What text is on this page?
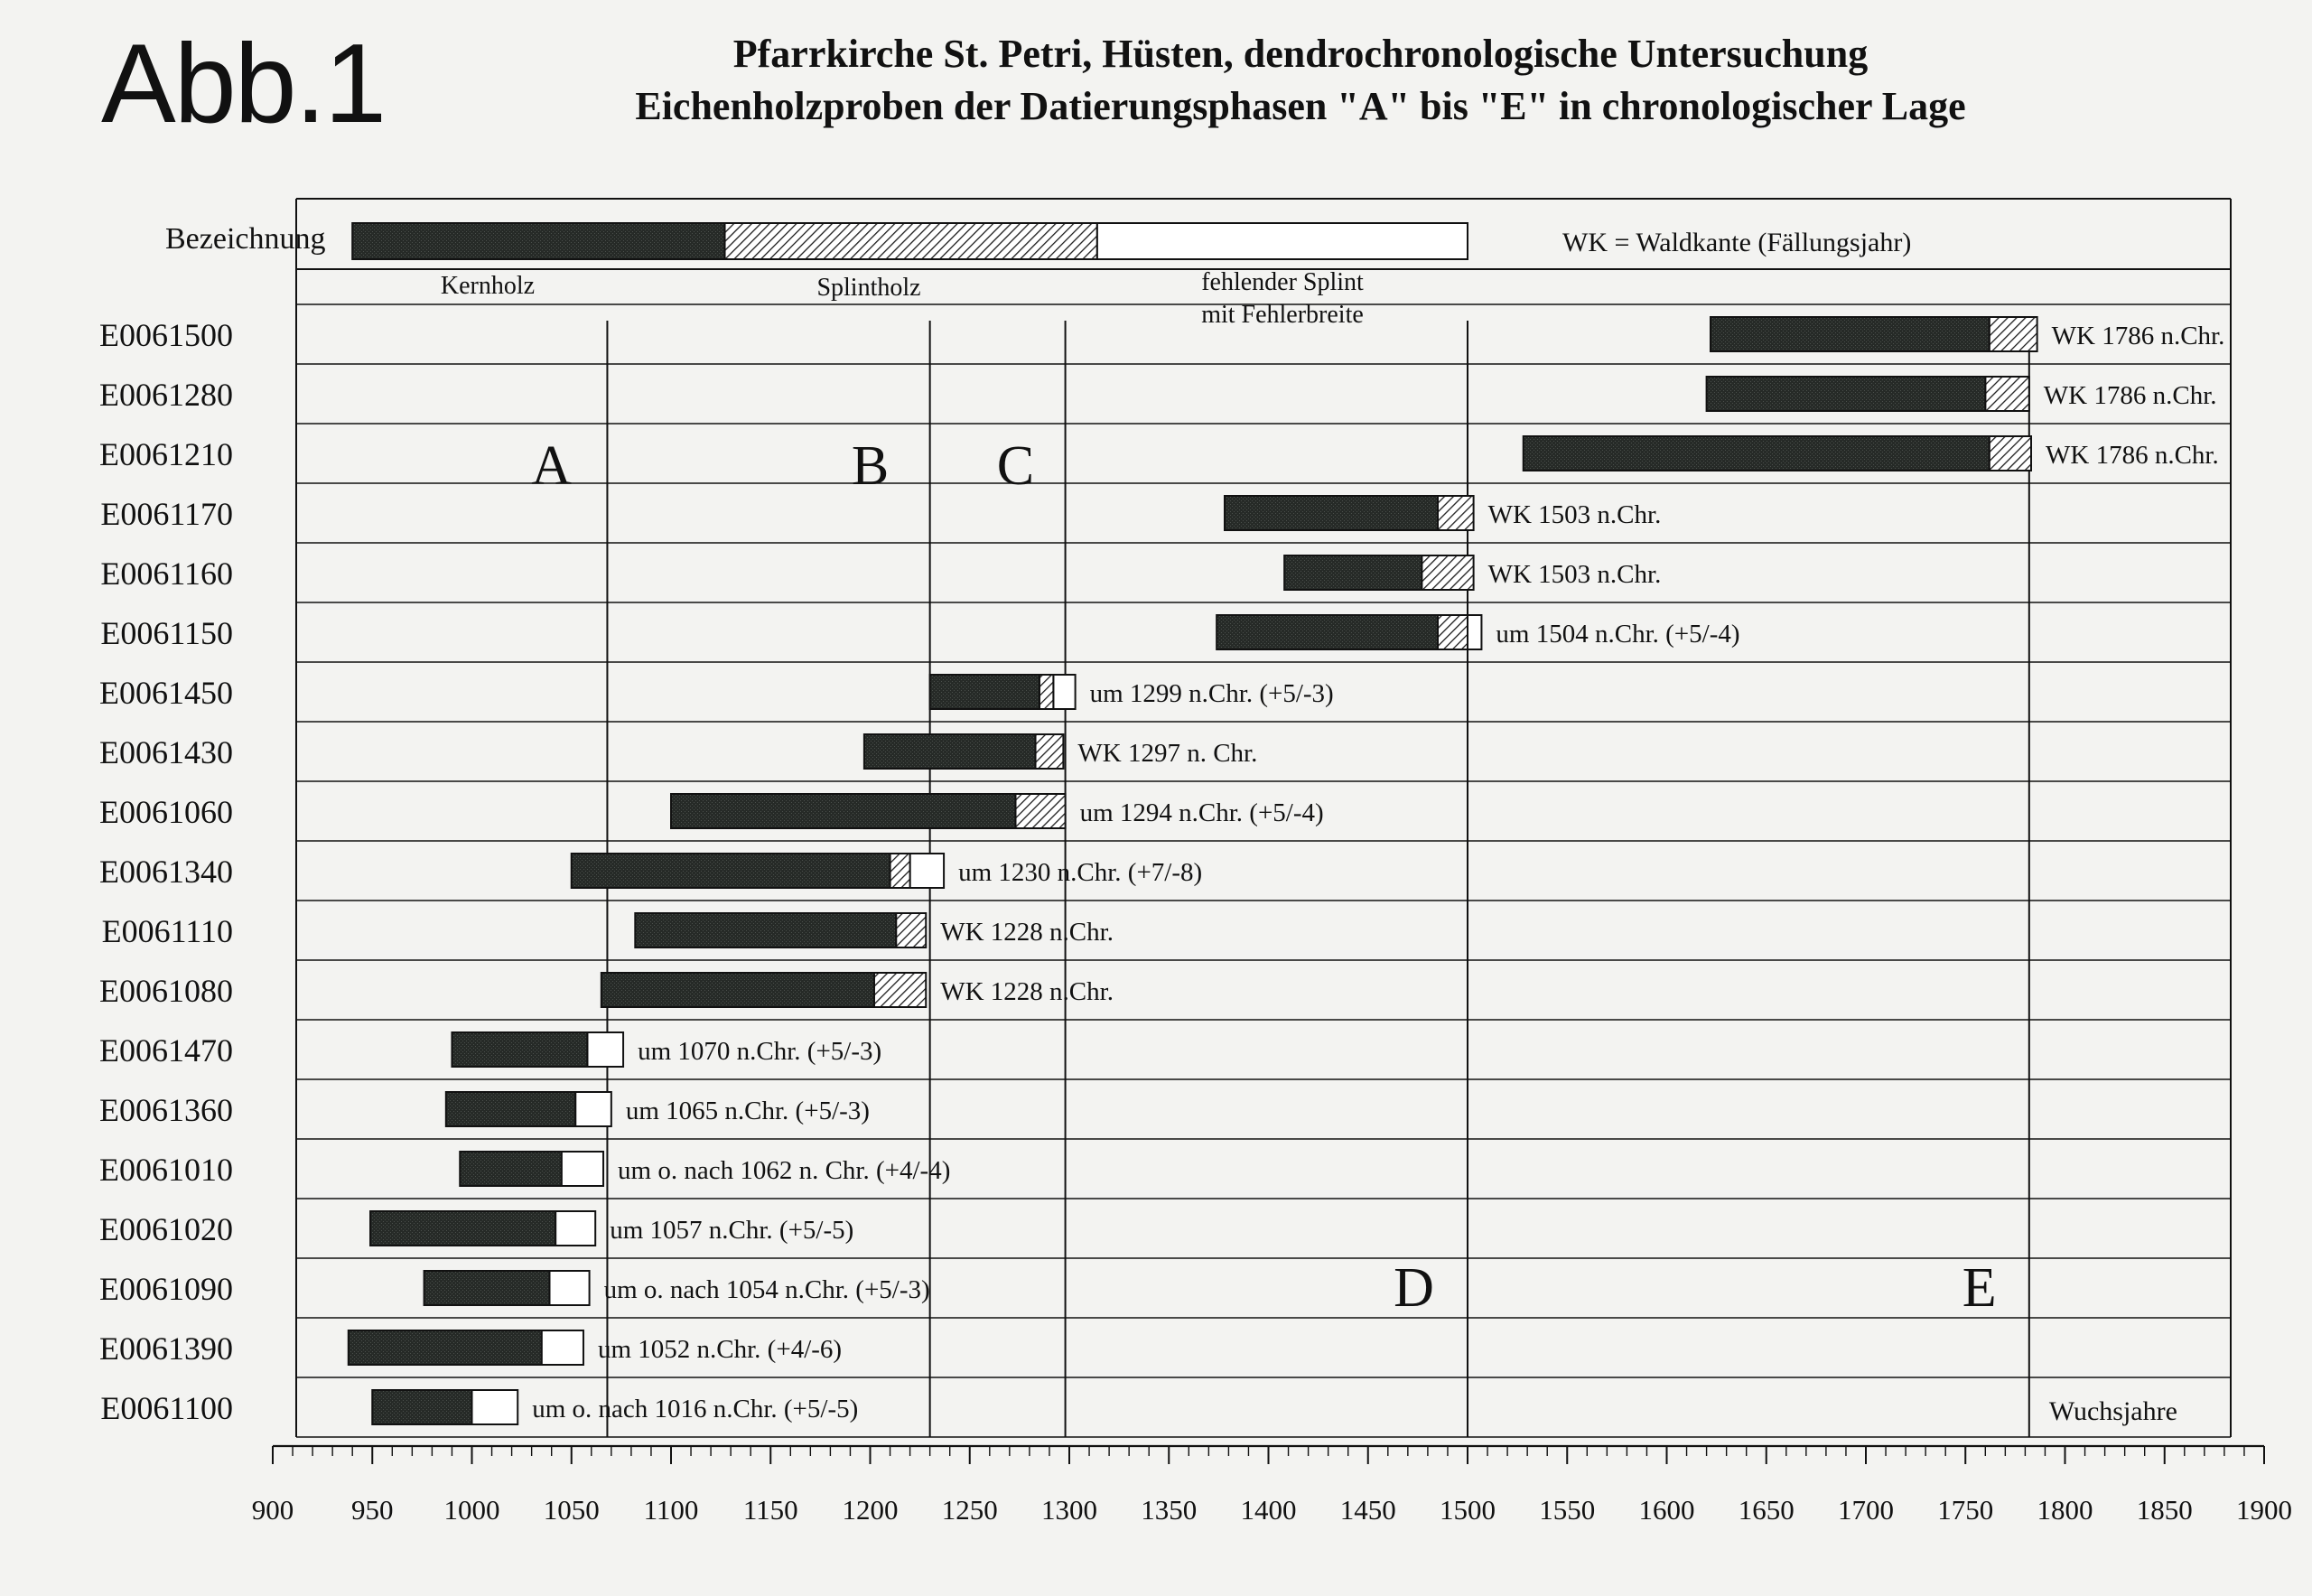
Abb.1	Pfarrkirche St. Petri, Hüsten, dendrochronologische Untersuchung
Eichenholzproben der Datierungsphasen "A" bis "E" in chronologischer Lage
Bezeichnung
Kernholz	Splintholz	fehlender Splint
mit Fehlerbreite
WK = Waldkante (Fällungsjahr)
E0061500	WK 1786 n.Chr.
E0061280	WK 1786 n.Chr.
E0061210	WK 1786 n.Chr.
E0061170	WK 1503 n.Chr.
E0061160	WK 1503 n.Chr.
E0061150	um 1504 n.Chr. (+5/-4)
E0061450	um 1299 n.Chr. (+5/-3)
E0061430	WK 1297 n. Chr.
E0061060	um 1294 n.Chr. (+5/-4)
E0061340	um 1230 n.Chr. (+7/-8)
E0061110	WK 1228 n.Chr.
E0061080	WK 1228 n.Chr.
E0061470	um 1070 n.Chr. (+5/-3)
E0061360	um 1065 n.Chr. (+5/-3)
E0061010	um o. nach 1062 n. Chr. (+4/-4)
E0061020	um 1057 n.Chr. (+5/-5)
E0061090	um o. nach 1054 n.Chr. (+5/-3)
E0061390	um 1052 n.Chr. (+4/-6)
E0061100	um o. nach 1016 n.Chr. (+5/-5)
A	B C
D	E
900 950 1000 1050 1100 1150 1200 1250 1300 1350 1400 1450 1500 1550 1600 1650 1700 1750 1800 1850 1900
Wuchsjahre
